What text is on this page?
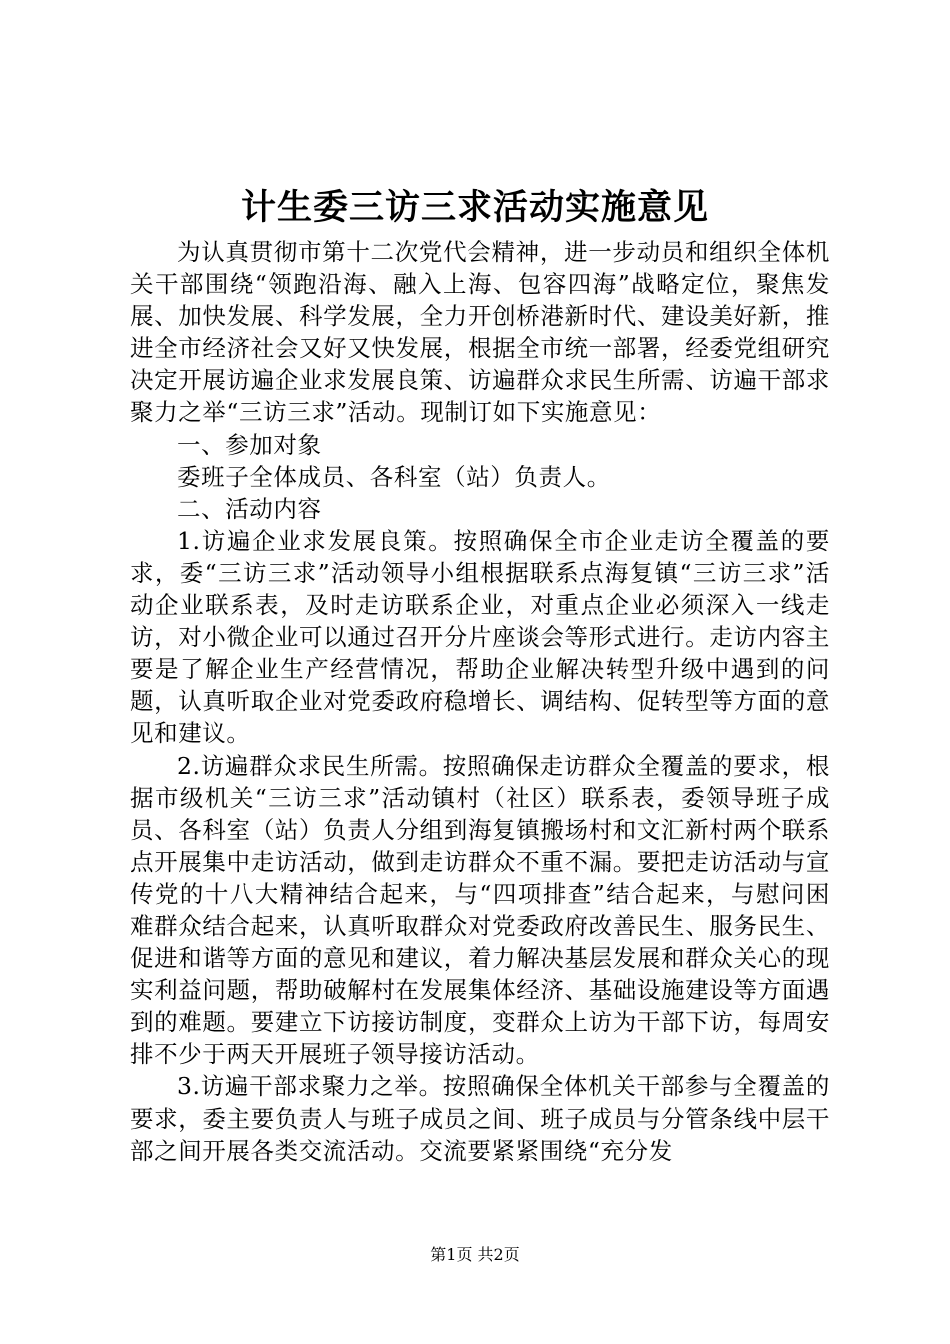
计生委三访三求活动实施意见

为认真贯彻市第十二次党代会精神，进一步动员和组织全体机关干部围绕“领跑沿海、融入上海、包容四海”战略定位，聚焦发展、加快发展、科学发展，全力开创桥港新时代、建设美好新，推进全市经济社会又好又快发展，根据全市统一部署，经委党组研究决定开展访遍企业求发展良策、访遍群众求民生所需、访遍干部求聚力之举“三访三求”活动。现制订如下实施意见：

一、参加对象

委班子全体成员、各科室（站）负责人。

二、活动内容

1.访遍企业求发展良策。按照确保全市企业走访全覆盖的要求，委“三访三求”活动领导小组根据联系点海复镇“三访三求”活动企业联系表，及时走访联系企业，对重点企业必须深入一线走访，对小微企业可以通过召开分片座谈会等形式进行。走访内容主要是了解企业生产经营情况，帮助企业解决转型升级中遇到的问题，认真听取企业对党委政府稳增长、调结构、促转型等方面的意见和建议。

2.访遍群众求民生所需。按照确保走访群众全覆盖的要求，根据市级机关“三访三求”活动镇村（社区）联系表，委领导班子成员、各科室（站）负责人分组到海复镇搬场村和文汇新村两个联系点开展集中走访活动，做到走访群众不重不漏。要把走访活动与宣传党的十八大精神结合起来，与“四项排查”结合起来，与慰问困难群众结合起来，认真听取群众对党委政府改善民生、服务民生、促进和谐等方面的意见和建议，着力解决基层发展和群众关心的现实利益问题，帮助破解村在发展集体经济、基础设施建设等方面遇到的难题。要建立下访接访制度，变群众上访为干部下访，每周安排不少于两天开展班子领导接访活动。

3.访遍干部求聚力之举。按照确保全体机关干部参与全覆盖的要求，委主要负责人与班子成员之间、班子成员与分管条线中层干部之间开展各类交流活动。交流要紧紧围绕“充分发

第1页 共2页
